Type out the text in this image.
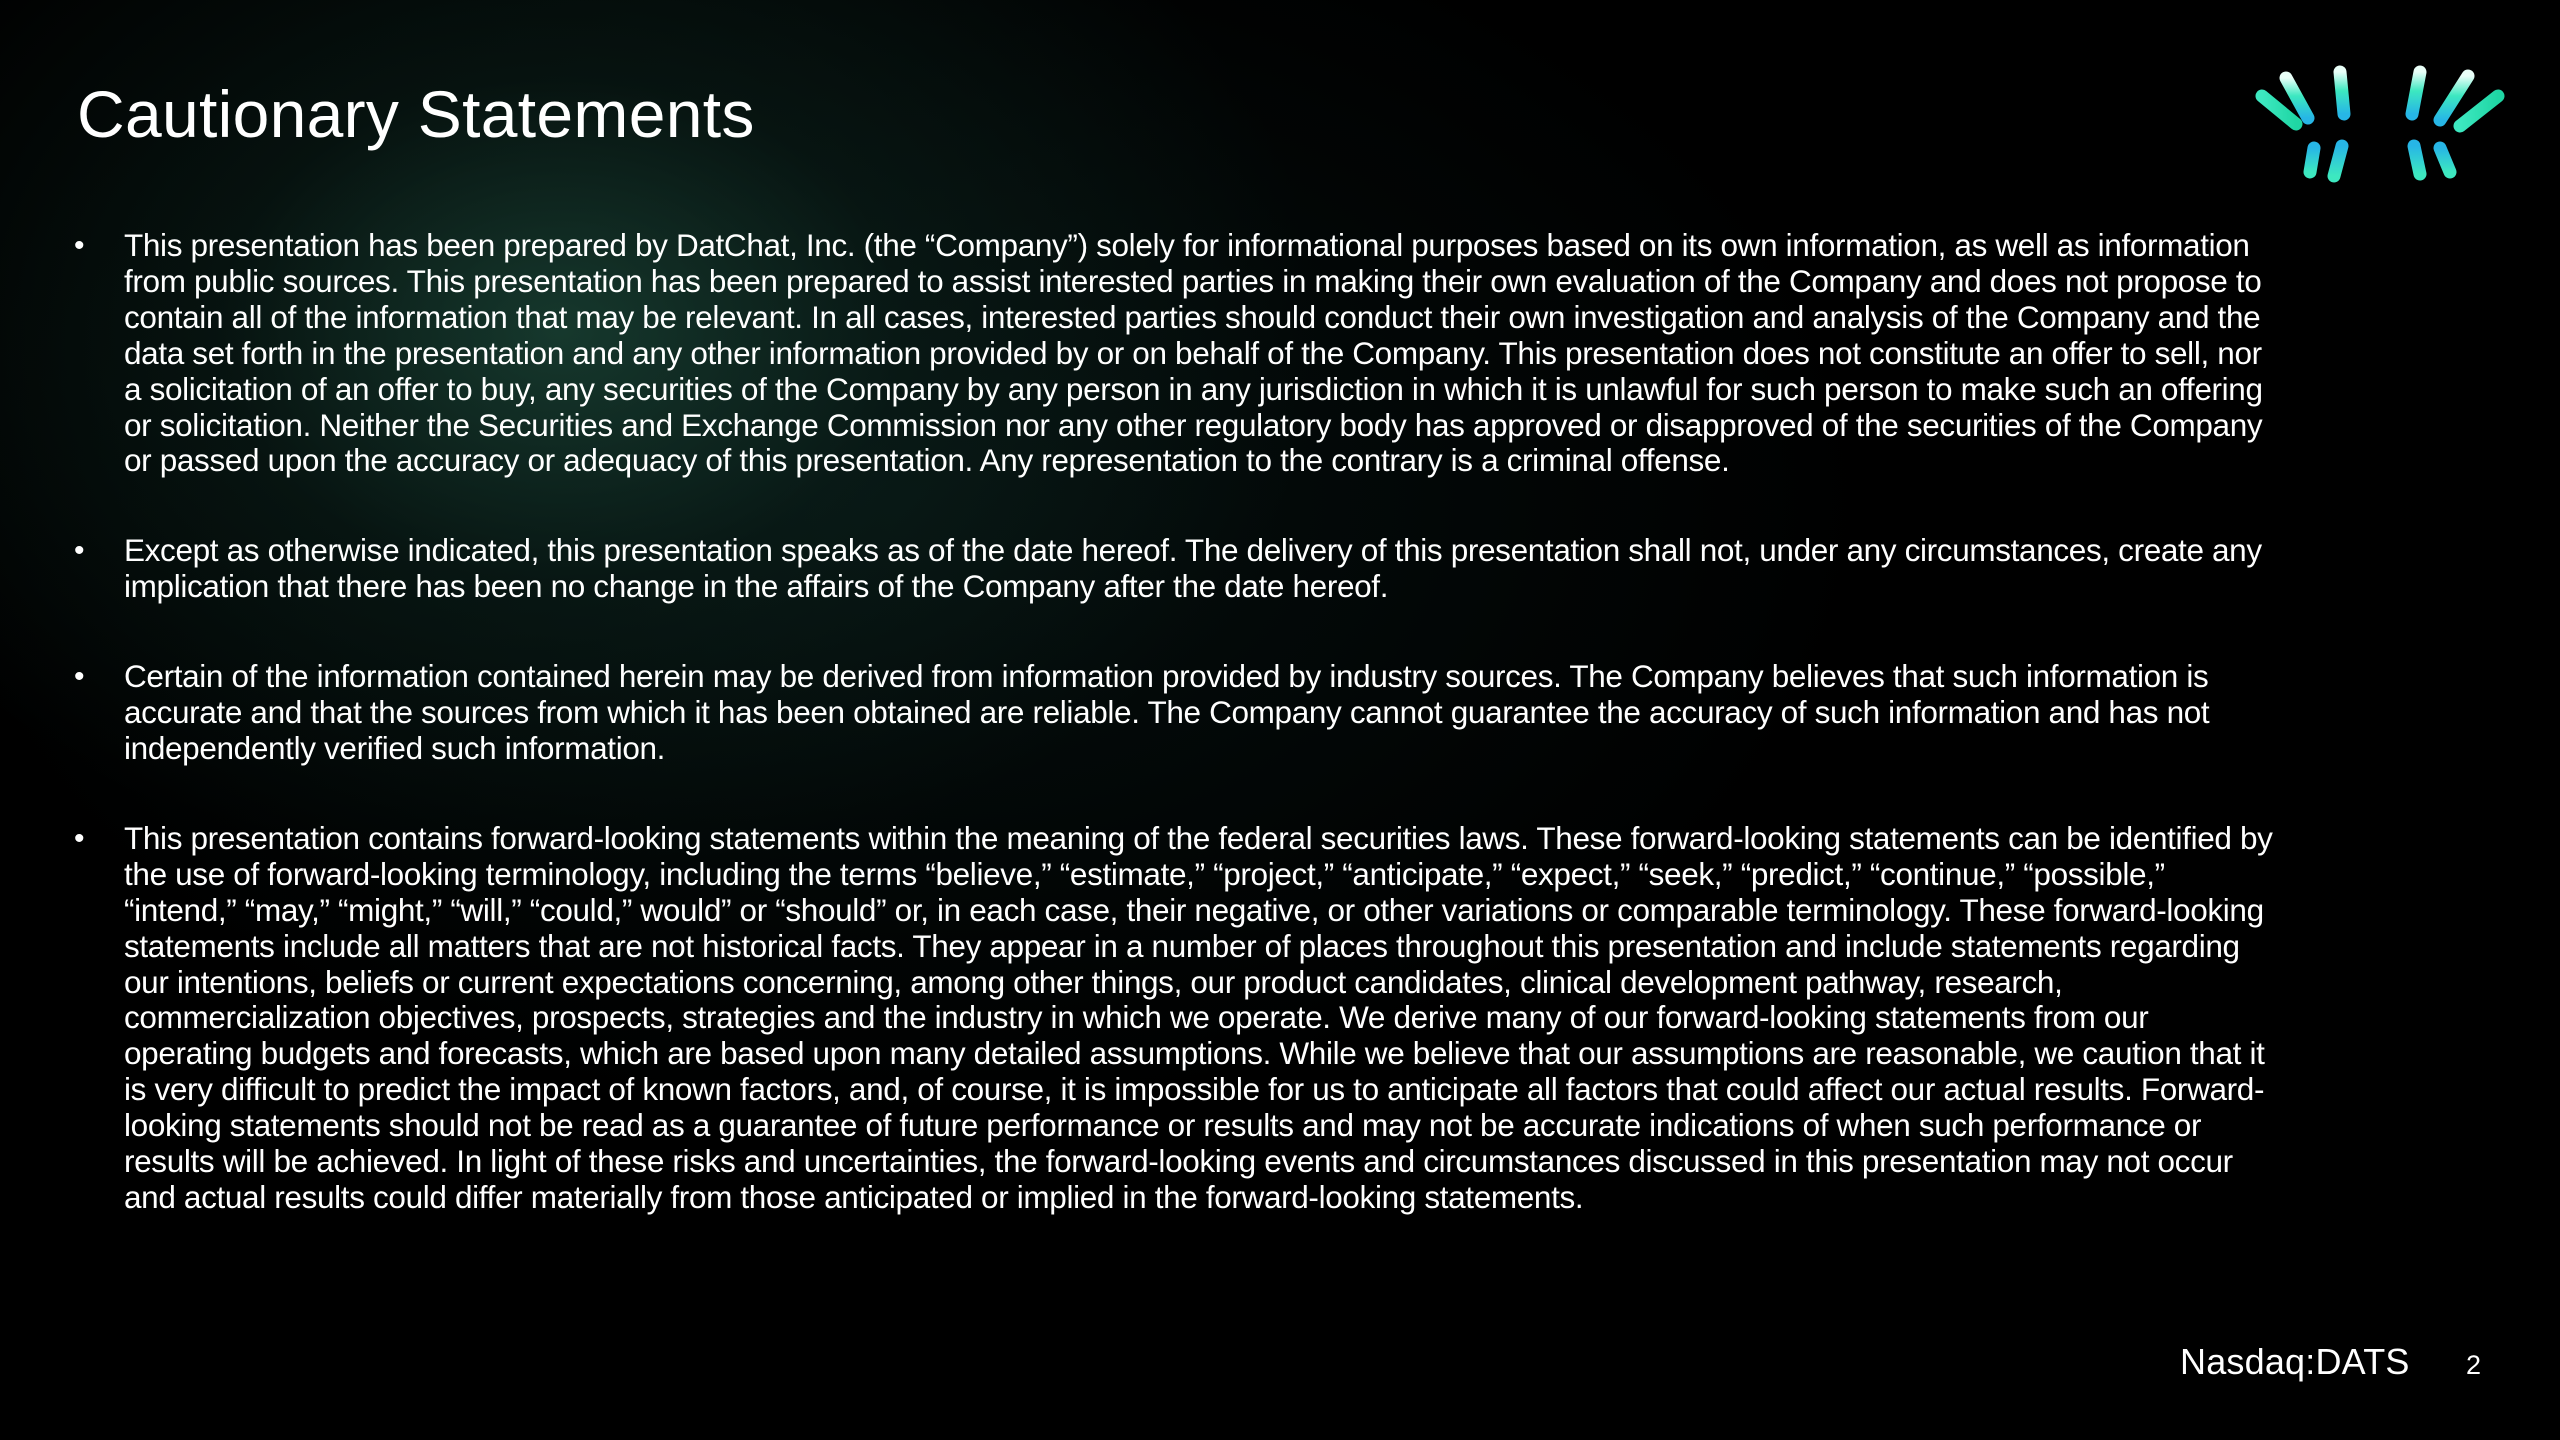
Cautionary Statements
•	This presentation has been prepared by DatChat, Inc. (the “Company”) solely for informational purposes based on its own information, as well as information from public sources. This presentation has been prepared to assist interested parties in making their own evaluation of the Company and does not propose to contain all of the information that may be relevant. In all cases, interested parties should conduct their own investigation and analysis of the Company and the data set forth in the presentation and any other information provided by or on behalf of the Company. This presentation does not constitute an offer to sell, nor a solicitation of an offer to buy, any securities of the Company by any person in any jurisdiction in which it is unlawful for such person to make such an offering or solicitation. Neither the Securities and Exchange Commission nor any other regulatory body has approved or disapproved of the securities of the Company or passed upon the accuracy or adequacy of this presentation. Any representation to the contrary is a criminal offense.
•	Except as otherwise indicated, this presentation speaks as of the date hereof. The delivery of this presentation shall not, under any circumstances, create any implication that there has been no change in the affairs of the Company after the date hereof.
•	Certain of the information contained herein may be derived from information provided by industry sources. The Company believes that such information is accurate and that the sources from which it has been obtained are reliable. The Company cannot guarantee the accuracy of such information and has not independently verified such information.
•	This presentation contains forward-looking statements within the meaning of the federal securities laws. These forward-looking statements can be identified by the use of forward-looking terminology, including the terms “believe,” “estimate,” “project,” “anticipate,” “expect,” “seek,” “predict,” “continue,” “possible,” “intend,” “may,” “might,” “will,” “could,” would” or “should” or, in each case, their negative, or other variations or comparable terminology. These forward-looking statements include all matters that are not historical facts. They appear in a number of places throughout this presentation and include statements regarding our intentions, beliefs or current expectations concerning, among other things, our product candidates, clinical development pathway, research, commercialization objectives, prospects, strategies and the industry in which we operate. We derive many of our forward-looking statements from our operating budgets and forecasts, which are based upon many detailed assumptions. While we believe that our assumptions are reasonable, we caution that it is very difficult to predict the impact of known factors, and, of course, it is impossible for us to anticipate all factors that could affect our actual results. Forward-looking statements should not be read as a guarantee of future performance or results and may not be accurate indications of when such performance or results will be achieved. In light of these risks and uncertainties, the forward-looking events and circumstances discussed in this presentation may not occur and actual results could differ materially from those anticipated or implied in the forward-looking statements.
Nasdaq:DATS 2
